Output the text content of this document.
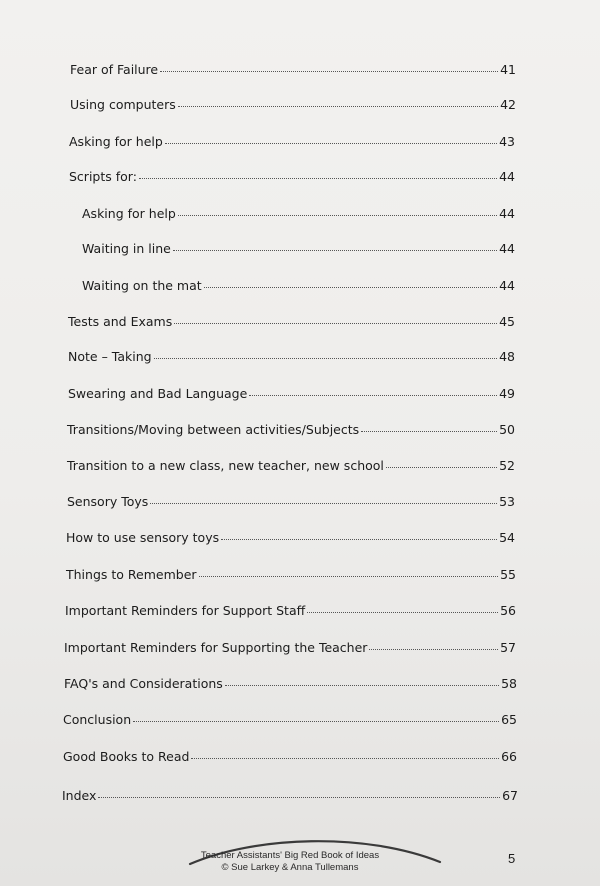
Fear of Failure	41
Using computers	42
Asking for help	43
Scripts for:	44
Asking for help	44
Waiting in line	44
Waiting on the mat	44
Tests and Exams	45
Note – Taking	48
Swearing and Bad Language	49
Transitions/Moving between activities/Subjects	50
Transition to a new class, new teacher, new school	52
Sensory Toys	53
How to use sensory toys	54
Things to Remember	55
Important Reminders for Support Staff	56
Important Reminders for Supporting the Teacher	57
FAQ's and Considerations	58
Conclusion	65
Good Books to Read	66
Index	67
Teacher Assistants' Big Red Book of Ideas
© Sue Larkey & Anna Tullemans
5
